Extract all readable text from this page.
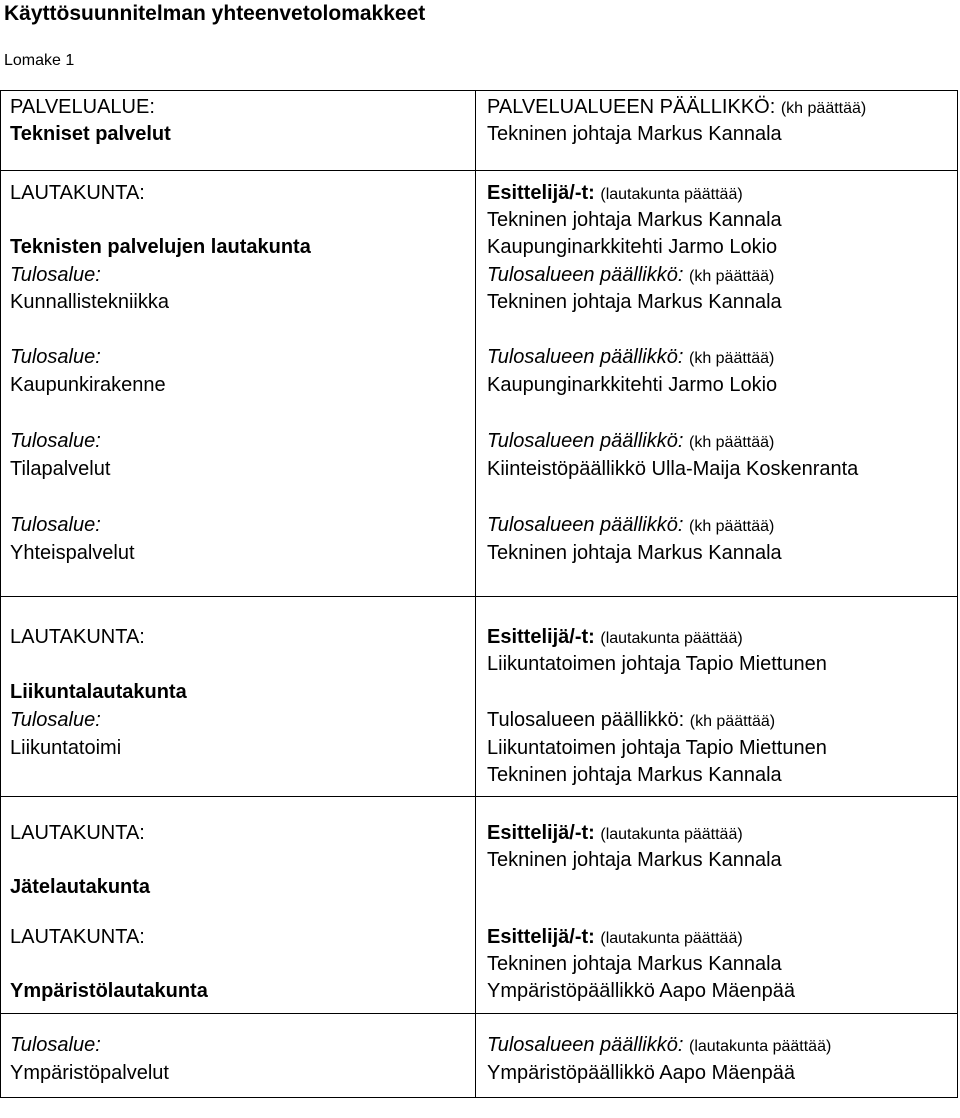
Käyttösuunnitelman yhteenvetolomakkeet
Lomake 1
PALVELUALUE:
Tekniset palvelut
PALVELUALUEEN PÄÄLLIKKÖ: (kh päättää)
Tekninen johtaja Markus Kannala
LAUTAKUNTA:
Teknisten palvelujen lautakunta
Tulosalue:
Kunnallistekniikka
Tulosalue:
Kaupunkirakenne
Tulosalue:
Tilapalvelut
Tulosalue:
Yhteispalvelut
Esittelijä/-t: (lautakunta päättää)
Tekninen johtaja Markus Kannala
Kaupunginarkkitehti Jarmo Lokio
Tulosalueen päällikkö: (kh päättää)
Tekninen johtaja Markus Kannala
Tulosalueen päällikkö: (kh päättää)
Kaupunginarkkitehti Jarmo Lokio
Tulosalueen päällikkö: (kh päättää)
Kiinteistöpäällikkö Ulla-Maija Koskenranta
Tulosalueen päällikkö: (kh päättää)
Tekninen johtaja Markus Kannala
LAUTAKUNTA:
Liikuntalautakunta
Tulosalue:
Liikuntatoimi
Esittelijä/-t: (lautakunta päättää)
Liikuntatoimen johtaja Tapio Miettunen
Tulosalueen päällikkö: (kh päättää)
Liikuntatoimen johtaja Tapio Miettunen
Tekninen johtaja Markus Kannala
LAUTAKUNTA:
Jätelautakunta
LAUTAKUNTA:
Ympäristölautakunta
Esittelijä/-t: (lautakunta päättää)
Tekninen johtaja Markus Kannala
Esittelijä/-t: (lautakunta päättää)
Tekninen johtaja Markus Kannala
Ympäristöpäällikkö Aapo Mäenpää
Tulosalue:
Ympäristöpalvelut
Tulosalueen päällikkö: (lautakunta päättää)
Ympäristöpäällikkö Aapo Mäenpää
